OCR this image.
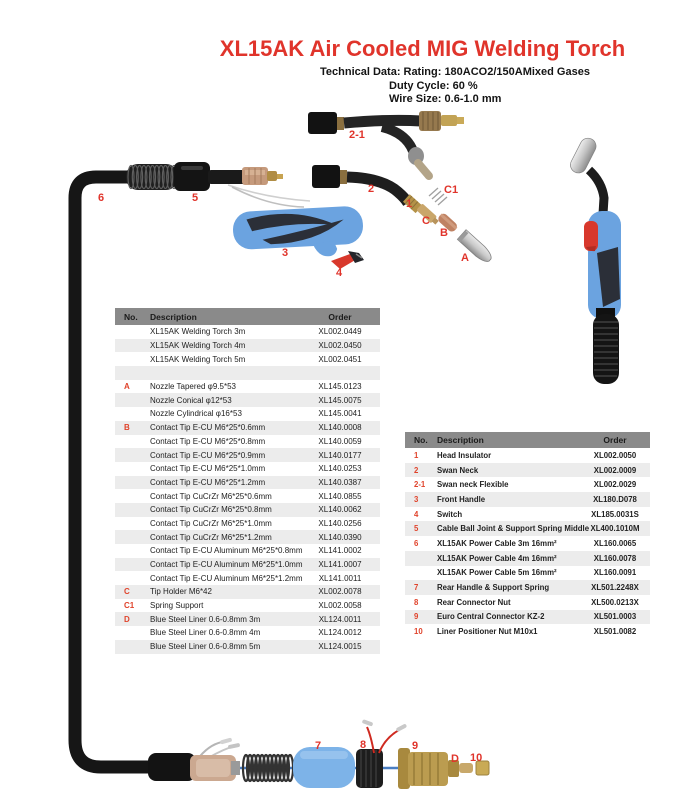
XL15AK Air Cooled MIG Welding Torch
Technical Data: Rating: 180ACO2/150AMixed Gases
Duty Cycle: 60 %
Wire Size: 0.6-1.0 mm
2-1
2
1
C1
C
B
A
6	5
3
4
7	8	9
D 10
No.	Description	Order
	XL15AK Welding Torch 3m	XL002.0449
	XL15AK Welding Torch 4m	XL002.0450
	XL15AK Welding Torch 5m	XL002.0451

A	Nozzle Tapered φ9.5*53	XL145.0123
	Nozzle Conical φ12*53	XL145.0075
	Nozzle Cylindrical φ16*53	XL145.0041
B	Contact Tip E-CU M6*25*0.6mm	XL140.0008
	Contact Tip E-CU M6*25*0.8mm	XL140.0059
	Contact Tip E-CU M6*25*0.9mm	XL140.0177
	Contact Tip E-CU M6*25*1.0mm	XL140.0253
	Contact Tip E-CU M6*25*1.2mm	XL140.0387
	Contact Tip CuCrZr M6*25*0.6mm	XL140.0855
	Contact Tip CuCrZr M6*25*0.8mm	XL140.0062
	Contact Tip CuCrZr M6*25*1.0mm	XL140.0256
	Contact Tip CuCrZr M6*25*1.2mm	XL140.0390
	Contact Tip E-CU Aluminum M6*25*0.8mm	XL141.0002
	Contact Tip E-CU Aluminum M6*25*1.0mm	XL141.0007
	Contact Tip E-CU Aluminum M6*25*1.2mm	XL141.0011
C	Tip Holder M6*42	XL002.0078
C1	Spring Support	XL002.0058
D	Blue Steel Liner 0.6-0.8mm 3m	XL124.0011
	Blue Steel Liner 0.6-0.8mm 4m	XL124.0012
	Blue Steel Liner 0.6-0.8mm 5m	XL124.0015
No.	Description	Order
1	Head Insulator	XL002.0050
2	Swan Neck	XL002.0009
2-1	Swan neck Flexible	XL002.0029
3	Front Handle	XL180.D078
4	Switch	XL185.0031S
5	Cable Ball Joint & Support Spring Middle	XL400.1010M
6	XL15AK Power Cable 3m 16mm²	XL160.0065
	XL15AK Power Cable 4m 16mm²	XL160.0078
	XL15AK Power Cable 5m 16mm²	XL160.0091
7	Rear Handle & Support Spring	XL501.2248X
8	Rear Connector Nut	XL500.0213X
9	Euro Central Connector KZ-2	XL501.0003
10	Liner Positioner Nut M10x1	XL501.0082
